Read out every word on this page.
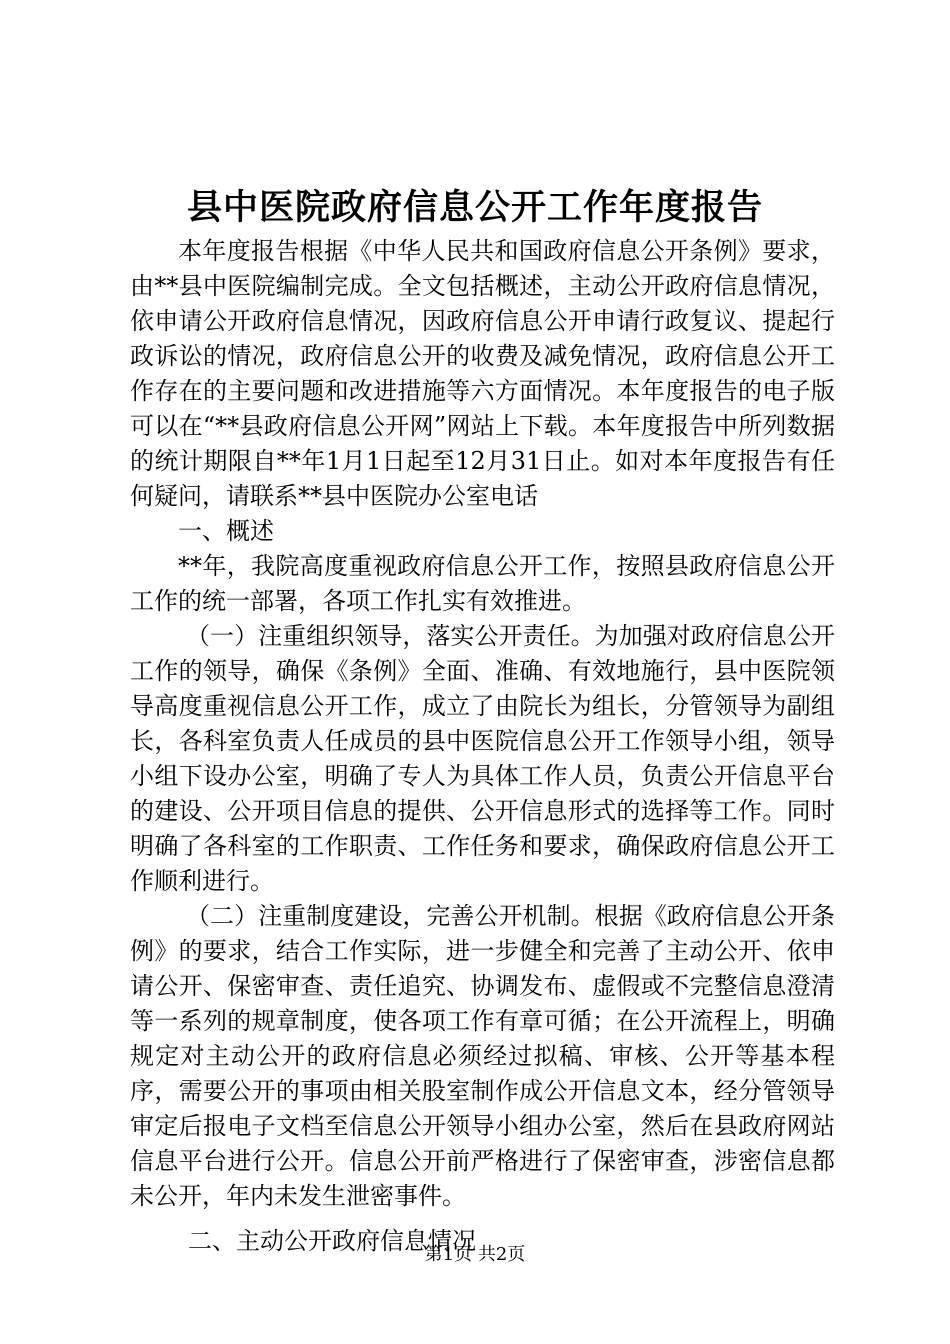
县中医院政府信息公开工作年度报告

本年度报告根据《中华人民共和国政府信息公开条例》要求，由**县中医院编制完成。全文包括概述，主动公开政府信息情况，依申请公开政府信息情况，因政府信息公开申请行政复议、提起行政诉讼的情况，政府信息公开的收费及减免情况，政府信息公开工作存在的主要问题和改进措施等六方面情况。本年度报告的电子版可以在“**县政府信息公开网”网站上下载。本年度报告中所列数据的统计期限自**年1月1日起至12月31日止。如对本年度报告有任何疑问，请联系**县中医院办公室电话

一、概述

**年，我院高度重视政府信息公开工作，按照县政府信息公开工作的统一部署，各项工作扎实有效推进。

（一）注重组织领导，落实公开责任。为加强对政府信息公开工作的领导，确保《条例》全面、准确、有效地施行，县中医院领导高度重视信息公开工作，成立了由院长为组长，分管领导为副组长，各科室负责人任成员的县中医院信息公开工作领导小组，领导小组下设办公室，明确了专人为具体工作人员，负责公开信息平台的建设、公开项目信息的提供、公开信息形式的选择等工作。同时明确了各科室的工作职责、工作任务和要求，确保政府信息公开工作顺利进行。

（二）注重制度建设，完善公开机制。根据《政府信息公开条例》的要求，结合工作实际，进一步健全和完善了主动公开、依申请公开、保密审查、责任追究、协调发布、虚假或不完整信息澄清等一系列的规章制度，使各项工作有章可循；在公开流程上，明确规定对主动公开的政府信息必须经过拟稿、审核、公开等基本程序，需要公开的事项由相关股室制作成公开信息文本，经分管领导审定后报电子文档至信息公开领导小组办公室，然后在县政府网站信息平台进行公开。信息公开前严格进行了保密审查，涉密信息都未公开，年内未发生泄密事件。

二、主动公开政府信息情况

第1页 共2页
